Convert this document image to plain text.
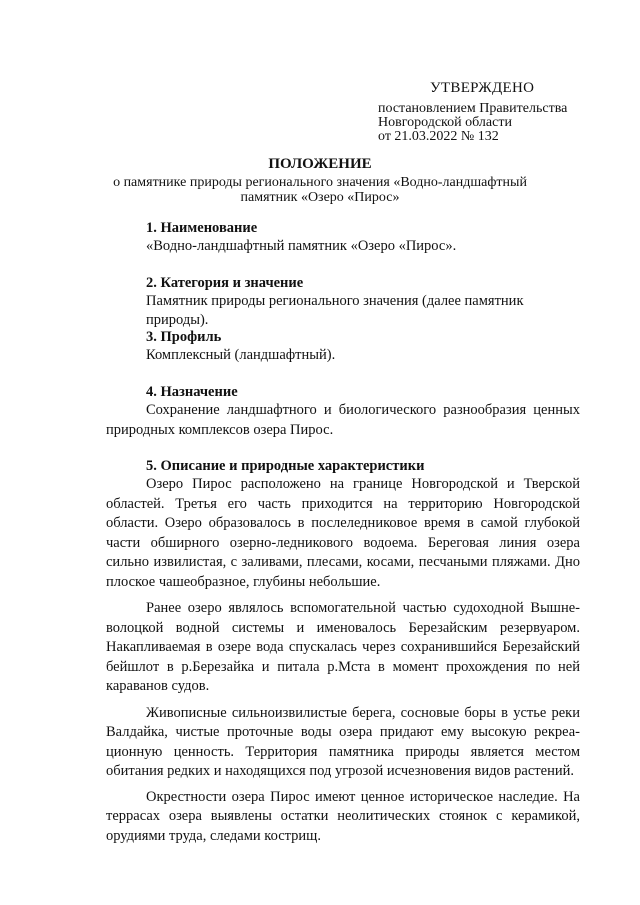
УТВЕРЖДЕНО
постановлением Правительства
Новгородской области
от 21.03.2022 № 132
ПОЛОЖЕНИЕ
о памятнике природы регионального значения «Водно-ландшафтный
памятник «Озеро «Пирос»
1. Наименование
«Водно-ландшафтный памятник «Озеро «Пирос».
2. Категория и значение
Памятник природы регионального значения (далее памятник природы).
3. Профиль
Комплексный (ландшафтный).
4. Назначение
Сохранение ландшафтного и биологического разнообразия ценных природных комплексов озера Пирос.
5. Описание и природные характеристики
Озеро Пирос расположено на границе Новгородской и Тверской областей. Третья его часть приходится на территорию Новгородской области. Озеро образовалось в послеледниковое время в самой глубокой части обширного озерно-ледникового водоема. Береговая линия озера сильно извилистая, с заливами, плесами, косами, песчаными пляжами. Дно плоское чашеобразное, глубины небольшие.
Ранее озеро являлось вспомогательной частью судоходной Вышне-волоцкой водной системы и именовалось Березайским резервуаром. Накапливаемая в озере вода спускалась через сохранившийся Березайский бейшлот в р.Березайка и питала р.Мста в момент прохождения по ней караванов судов.
Живописные сильноизвилистые берега, сосновые боры в устье реки Валдайка, чистые проточные воды озера придают ему высокую рекреа-ционную ценность. Территория памятника природы является местом обитания редких и находящихся под угрозой исчезновения видов растений.
Окрестности озера Пирос имеют ценное историческое наследие. На террасах озера выявлены остатки неолитических стоянок с керамикой, орудиями труда, следами кострищ.
